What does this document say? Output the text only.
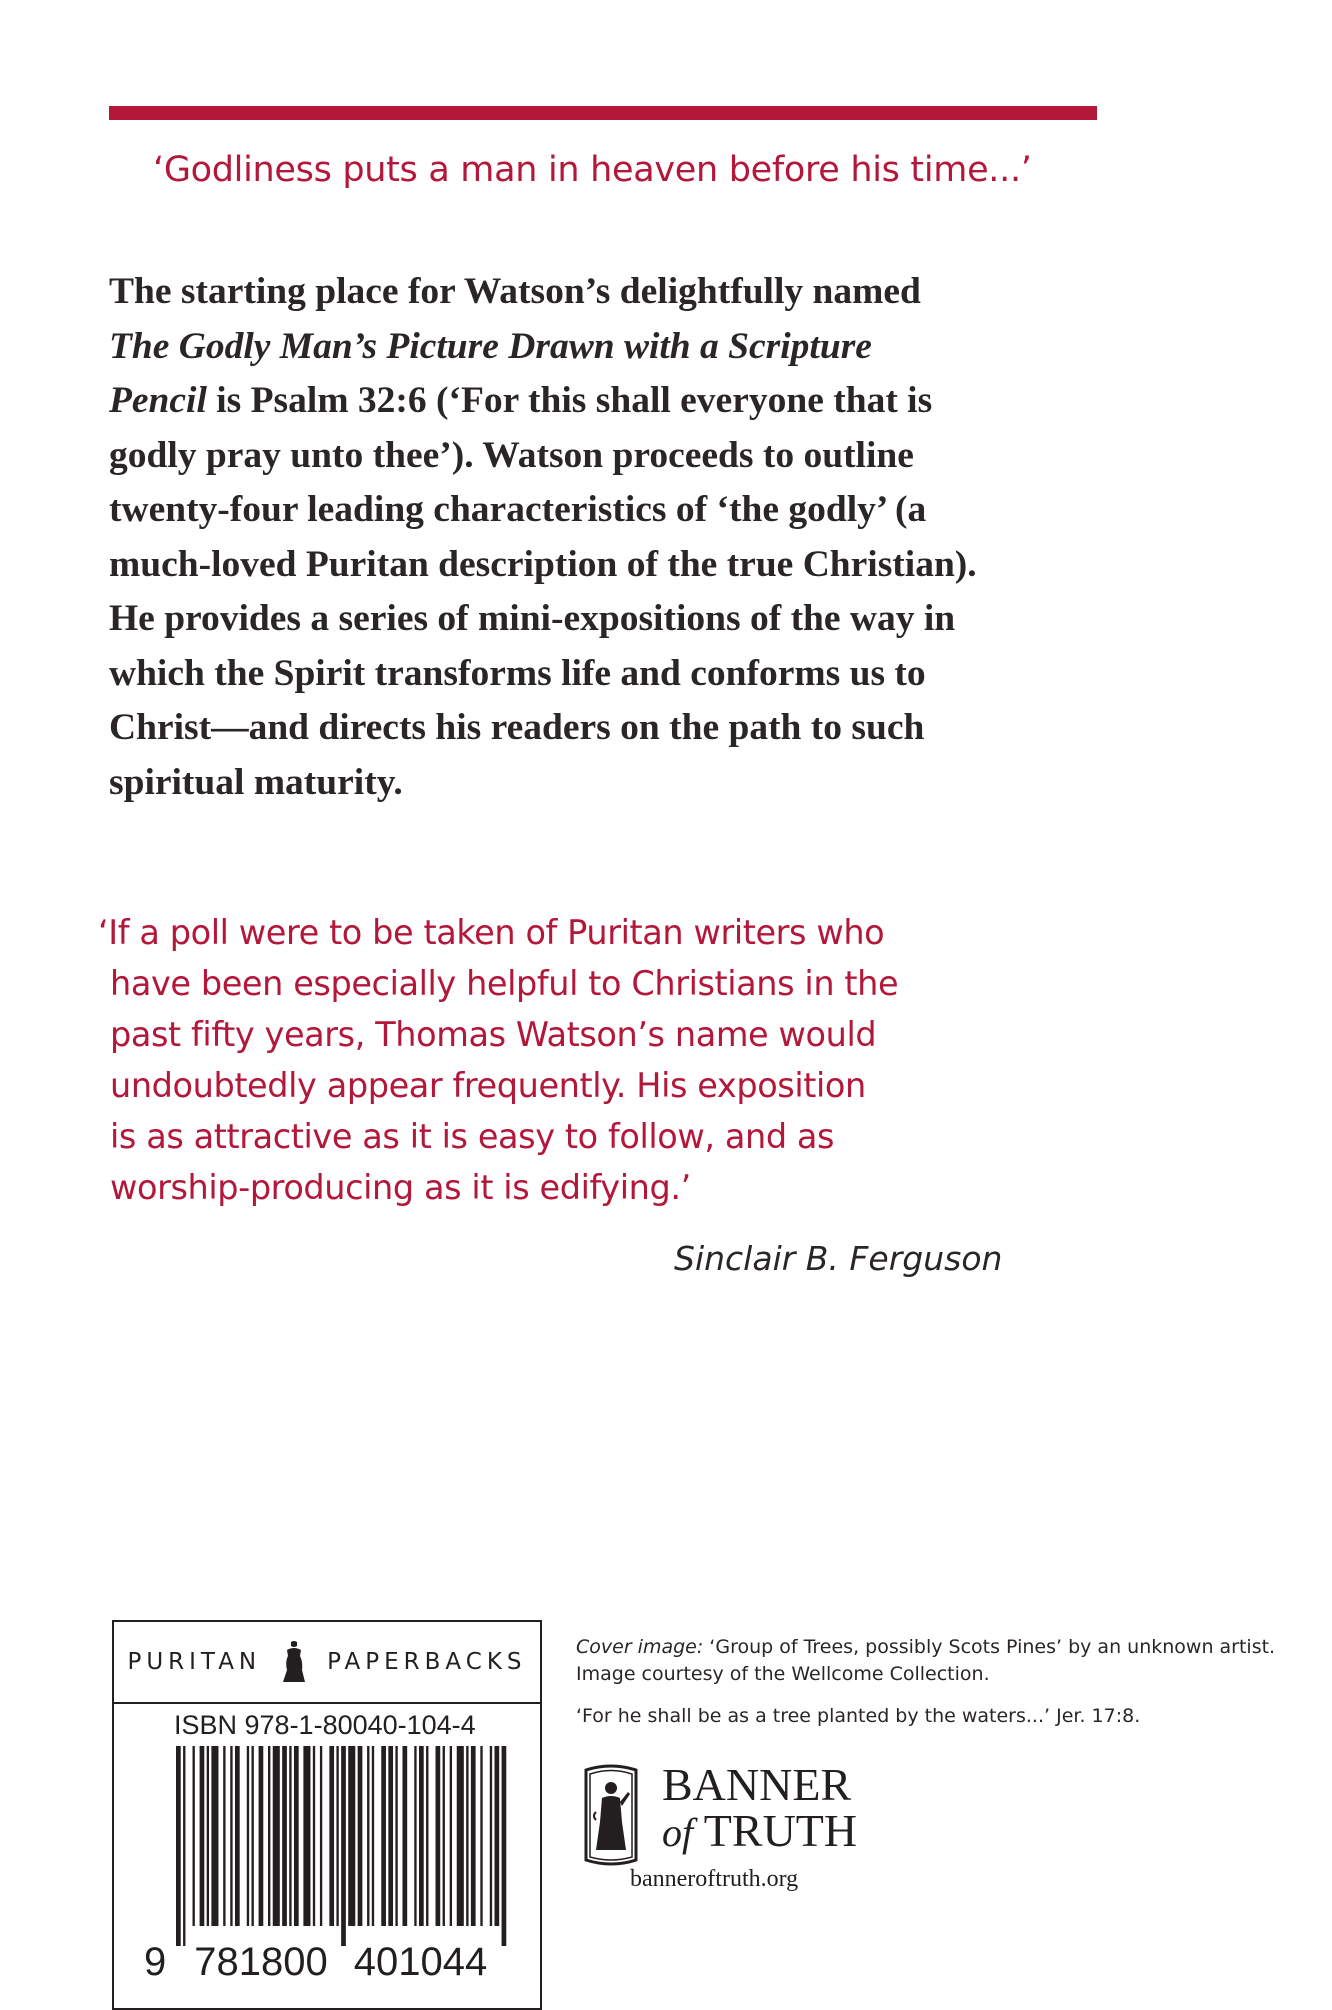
‘Godliness puts a man in heaven before his time...’
The starting place for Watson’s delightfully named
The Godly Man’s Picture Drawn with a Scripture
Pencil is Psalm 32:6 (‘For this shall everyone that is
godly pray unto thee’). Watson proceeds to outline
twenty-four leading characteristics of ‘the godly’ (a
much-loved Puritan description of the true Christian).
He provides a series of mini-expositions of the way in
which the Spirit transforms life and conforms us to
Christ—and directs his readers on the path to such
spiritual maturity.
‘If a poll were to be taken of Puritan writers who
have been especially helpful to Christians in the
past fifty years, Thomas Watson’s name would
undoubtedly appear frequently. His exposition
is as attractive as it is easy to follow, and as
worship-producing as it is edifying.’
Sinclair B. Ferguson
PURITAN	PAPERBACKS
ISBN 978-1-80040-104-4
9 781800 401044
Cover image: ‘Group of Trees, possibly Scots Pines’ by an unknown artist. Image courtesy of the Wellcome Collection.
‘For he shall be as a tree planted by the waters...’ Jer. 17:8.
BANNER
of TRUTH
banneroftruth.org
